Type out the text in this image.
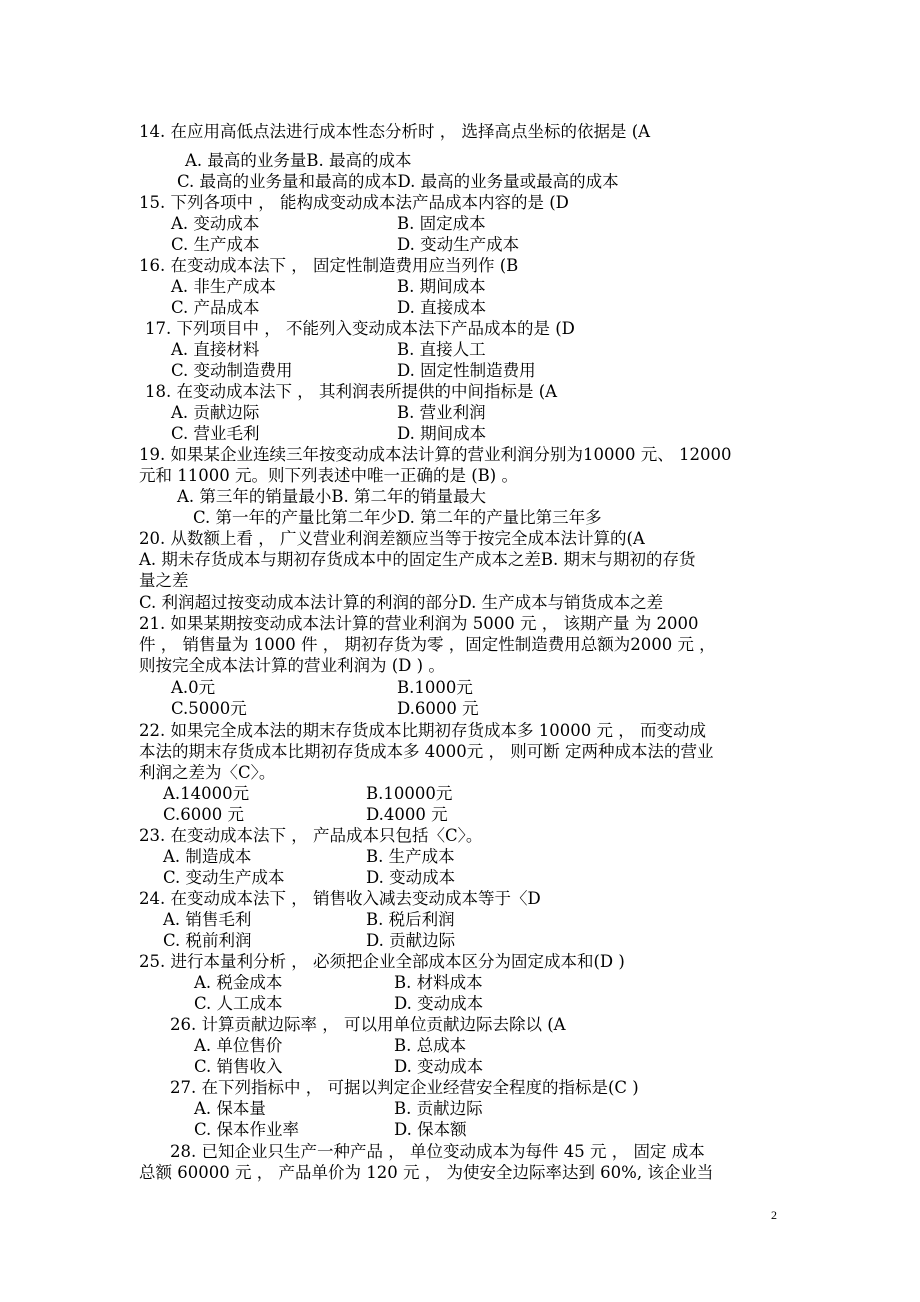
14. 在应用高低点法进行成本性态分析时 ， 选择高点坐标的依据是 (A
A. 最高的业务量B. 最高的成本
C. 最高的业务量和最高的成本D. 最高的业务量或最高的成本
15. 下列各项中 ， 能构成变动成本法产品成本内容的是 (D
A. 变动成本	B. 固定成本
C. 生产成本	D. 变动生产成本
16. 在变动成本法下 ， 固定性制造费用应当列作 (B
A. 非生产成本	B. 期间成本
C. 产品成本	D. 直接成本
17. 下列项目中 ， 不能列入变动成本法下产品成本的是 (D
A. 直接材料	B. 直接人工
C. 变动制造费用	D. 固定性制造费用
18. 在变动成本法下 ， 其利润表所提供的中间指标是 (A
A. 贡献边际	B. 营业利润
C. 营业毛利	D. 期间成本
19. 如果某企业连续三年按变动成本法计算的营业利润分别为10000 元、 12000
元和 11000 元。则下列表述中唯一正确的是 (B) 。
A. 第三年的销量最小B. 第二年的销量最大
C. 第一年的产量比第二年少D. 第二年的产量比第三年多
20. 从数额上看 ， 广义营业利润差额应当等于按完全成本法计算的(A
A. 期未存货成本与期初存货成本中的固定生产成本之差B. 期末与期初的存货
量之差
C. 利润超过按变动成本法计算的利润的部分D. 生产成本与销货成本之差
21. 如果某期按变动成本法计算的营业利润为 5000 元 ， 该期产量 为 2000
件 ， 销售量为 1000 件 ， 期初存货为零 ，固定性制造费用总额为2000 元 ，
则按完全成本法计算的营业利润为 (D ) 。
A.0元	B.1000元
C.5000元	D.6000 元
22. 如果完全成本法的期末存货成本比期初存货成本多 10000 元 ， 而变动成
本法的期末存货成本比期初存货成本多 4000元 ， 则可断 定两种成本法的营业
利润之差为〈C〉。
A.14000元	B.10000元
C.6000 元	D.4000 元
23. 在变动成本法下 ， 产品成本只包括〈C〉。
A. 制造成本	B. 生产成本
C. 变动生产成本	D. 变动成本
24. 在变动成本法下 ， 销售收入减去变动成本等于〈D
A. 销售毛利	B. 税后利润
C. 税前利润	D. 贡献边际
25. 进行本量利分析 ， 必须把企业全部成本区分为固定成本和(D )
A. 税金成本	B. 材料成本
C. 人工成本	D. 变动成本
26. 计算贡献边际率 ， 可以用单位贡献边际去除以 (A
A. 单位售价	B. 总成本
C. 销售收入	D. 变动成本
27. 在下列指标中 ， 可据以判定企业经营安全程度的指标是(C )
A. 保本量	B. 贡献边际
C. 保本作业率	D. 保本额
28. 已知企业只生产一种产品 ， 单位变动成本为每件 45 元 ， 固定 成本
总额 60000 元 ， 产品单价为 120 元 ， 为使安全边际率达到 60%, 该企业当
2
